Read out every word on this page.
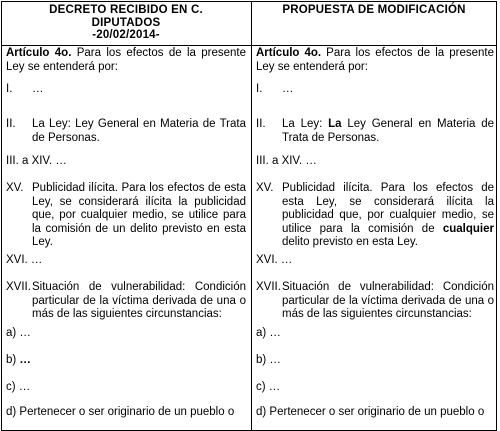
DECRETO RECIBIDO EN C.
DIPUTADOS
-20/02/2014-
PROPUESTA DE MODIFICACIÓN

Artículo 4o. Para los efectos de la presente Ley se entenderá por:

I. …
II. La Ley: Ley General en Materia de Trata de Personas.

III. a XIV. …
XV. Publicidad ilícita. Para los efectos de esta Ley, se considerará ilícita la publicidad que, por cualquier medio, se utilice para la comisión de un delito previsto en esta Ley.

XVI. …
XVII. Situación de vulnerabilidad: Condición particular de la víctima derivada de una o más de las siguientes circunstancias:

a) …
b) …
c) …
d) Pertenecer o ser originario de un pueblo o

Artículo 4o. Para los efectos de la presente Ley se entenderá por:

I. …
II. La Ley: La Ley General en Materia de Trata de Personas.

III. a XIV. …
XV. Publicidad ilícita. Para los efectos de esta Ley, se considerará ilícita la publicidad que, por cualquier medio, se utilice para la comisión de cualquier delito previsto en esta Ley.

XVI. …
XVII. Situación de vulnerabilidad: Condición particular de la víctima derivada de una o más de las siguientes circunstancias:

a) …
b) …
c) …
d) Pertenecer o ser originario de un pueblo o
